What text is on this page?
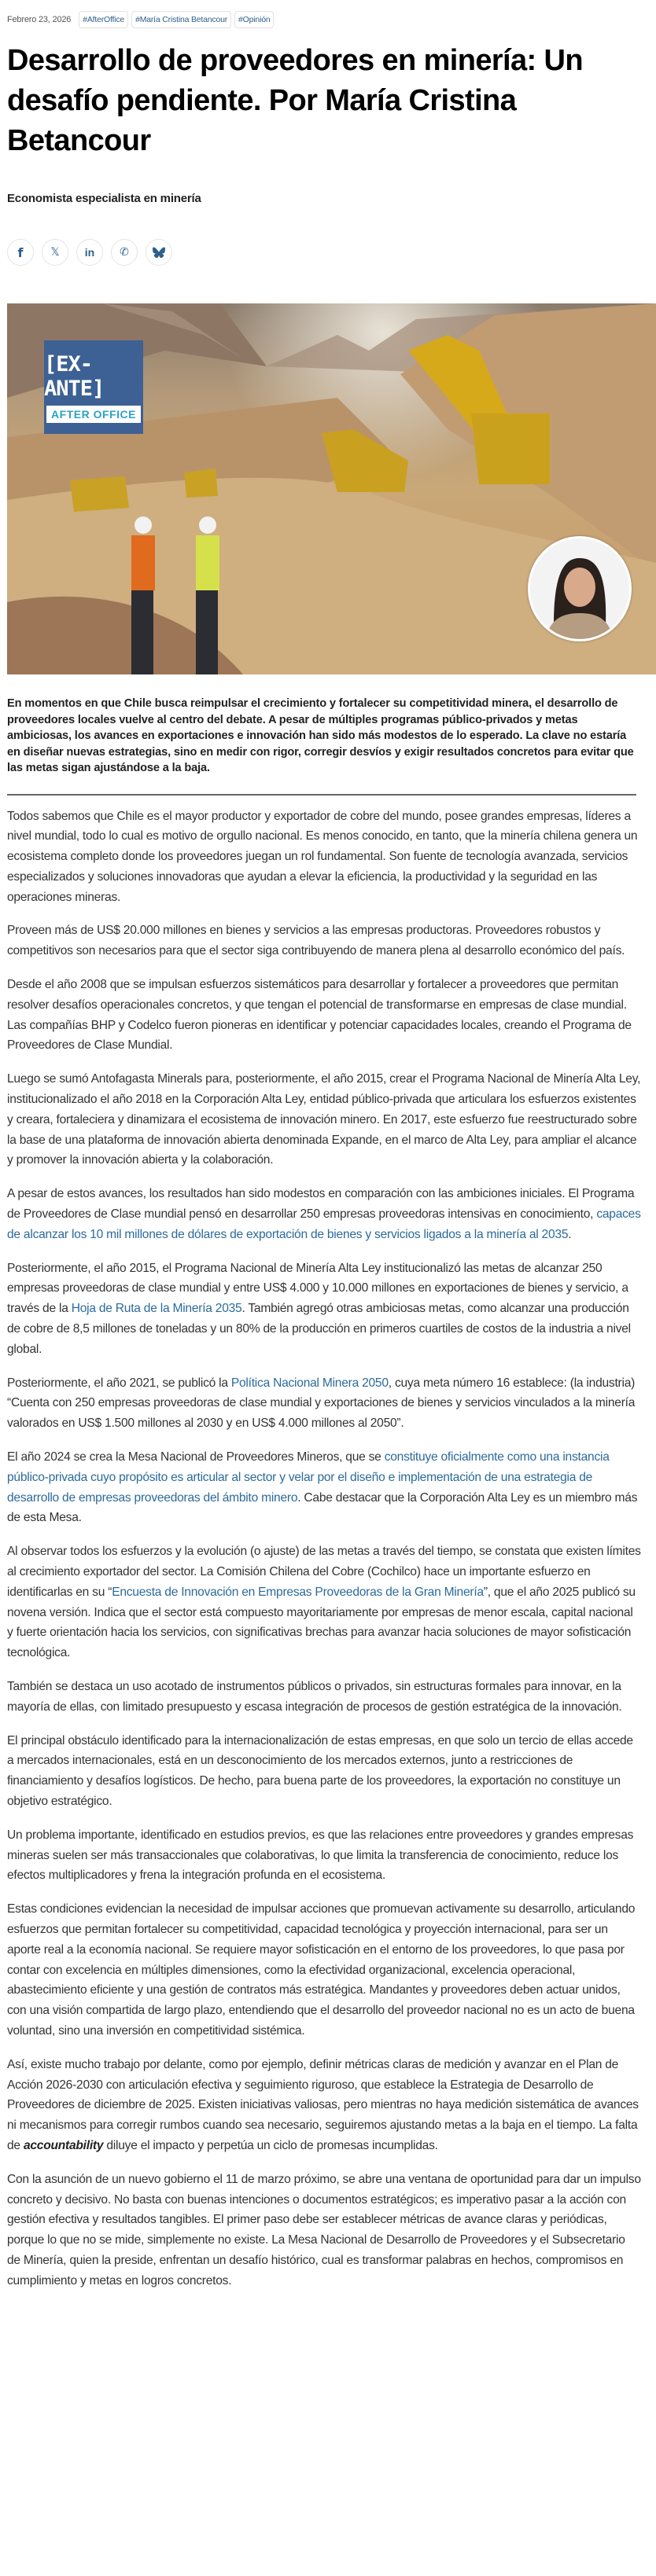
Febrero 23, 2026	#AfterOffice	#María Cristina Betancour	#Opinión
Desarrollo de proveedores en minería: Un desafío pendiente. Por María Cristina Betancour
Economista especialista en minería
f 𝕏 in ✆
[EX-ANTE]
AFTER OFFICE
En momentos en que Chile busca reimpulsar el crecimiento y fortalecer su competitividad minera, el desarrollo de proveedores locales vuelve al centro del debate. A pesar de múltiples programas público-privados y metas ambiciosas, los avances en exportaciones e innovación han sido más modestos de lo esperado. La clave no estaría en diseñar nuevas estrategias, sino en medir con rigor, corregir desvíos y exigir resultados concretos para evitar que las metas sigan ajustándose a la baja.

Todos sabemos que Chile es el mayor productor y exportador de cobre del mundo, posee grandes empresas, líderes a nivel mundial, todo lo cual es motivo de orgullo nacional. Es menos conocido, en tanto, que la minería chilena genera un ecosistema completo donde los proveedores juegan un rol fundamental. Son fuente de tecnología avanzada, servicios especializados y soluciones innovadoras que ayudan a elevar la eficiencia, la productividad y la seguridad en las operaciones mineras.

Proveen más de US$ 20.000 millones en bienes y servicios a las empresas productoras. Proveedores robustos y competitivos son necesarios para que el sector siga contribuyendo de manera plena al desarrollo económico del país.

Desde el año 2008 que se impulsan esfuerzos sistemáticos para desarrollar y fortalecer a proveedores que permitan resolver desafíos operacionales concretos, y que tengan el potencial de transformarse en empresas de clase mundial. Las compañías BHP y Codelco fueron pioneras en identificar y potenciar capacidades locales, creando el Programa de Proveedores de Clase Mundial.

Luego se sumó Antofagasta Minerals para, posteriormente, el año 2015, crear el Programa Nacional de Minería Alta Ley, institucionalizado el año 2018 en la Corporación Alta Ley, entidad público-privada que articulara los esfuerzos existentes y creara, fortaleciera y dinamizara el ecosistema de innovación minero. En 2017, este esfuerzo fue reestructurado sobre la base de una plataforma de innovación abierta denominada Expande, en el marco de Alta Ley, para ampliar el alcance y promover la innovación abierta y la colaboración.

A pesar de estos avances, los resultados han sido modestos en comparación con las ambiciones iniciales. El Programa de Proveedores de Clase mundial pensó en desarrollar 250 empresas proveedoras intensivas en conocimiento, capaces de alcanzar los 10 mil millones de dólares de exportación de bienes y servicios ligados a la minería al 2035.

Posteriormente, el año 2015, el Programa Nacional de Minería Alta Ley institucionalizó las metas de alcanzar 250 empresas proveedoras de clase mundial y entre US$ 4.000 y 10.000 millones en exportaciones de bienes y servicio, a través de la Hoja de Ruta de la Minería 2035. También agregó otras ambiciosas metas, como alcanzar una producción de cobre de 8,5 millones de toneladas y un 80% de la producción en primeros cuartiles de costos de la industria a nivel global.

Posteriormente, el año 2021, se publicó la Política Nacional Minera 2050, cuya meta número 16 establece: (la industria) “Cuenta con 250 empresas proveedoras de clase mundial y exportaciones de bienes y servicios vinculados a la minería valorados en US$ 1.500 millones al 2030 y en US$ 4.000 millones al 2050”.

El año 2024 se crea la Mesa Nacional de Proveedores Mineros, que se constituye oficialmente como una instancia público-privada cuyo propósito es articular al sector y velar por el diseño e implementación de una estrategia de desarrollo de empresas proveedoras del ámbito minero. Cabe destacar que la Corporación Alta Ley es un miembro más de esta Mesa.

Al observar todos los esfuerzos y la evolución (o ajuste) de las metas a través del tiempo, se constata que existen límites al crecimiento exportador del sector. La Comisión Chilena del Cobre (Cochilco) hace un importante esfuerzo en identificarlas en su “Encuesta de Innovación en Empresas Proveedoras de la Gran Minería”, que el año 2025 publicó su novena versión. Indica que el sector está compuesto mayoritariamente por empresas de menor escala, capital nacional y fuerte orientación hacia los servicios, con significativas brechas para avanzar hacia soluciones de mayor sofisticación tecnológica.

También se destaca un uso acotado de instrumentos públicos o privados, sin estructuras formales para innovar, en la mayoría de ellas, con limitado presupuesto y escasa integración de procesos de gestión estratégica de la innovación.

El principal obstáculo identificado para la internacionalización de estas empresas, en que solo un tercio de ellas accede a mercados internacionales, está en un desconocimiento de los mercados externos, junto a restricciones de financiamiento y desafíos logísticos. De hecho, para buena parte de los proveedores, la exportación no constituye un objetivo estratégico.

Un problema importante, identificado en estudios previos, es que las relaciones entre proveedores y grandes empresas mineras suelen ser más transaccionales que colaborativas, lo que limita la transferencia de conocimiento, reduce los efectos multiplicadores y frena la integración profunda en el ecosistema.

Estas condiciones evidencian la necesidad de impulsar acciones que promuevan activamente su desarrollo, articulando esfuerzos que permitan fortalecer su competitividad, capacidad tecnológica y proyección internacional, para ser un aporte real a la economía nacional. Se requiere mayor sofisticación en el entorno de los proveedores, lo que pasa por contar con excelencia en múltiples dimensiones, como la efectividad organizacional, excelencia operacional, abastecimiento eficiente y una gestión de contratos más estratégica. Mandantes y proveedores deben actuar unidos, con una visión compartida de largo plazo, entendiendo que el desarrollo del proveedor nacional no es un acto de buena voluntad, sino una inversión en competitividad sistémica.

Así, existe mucho trabajo por delante, como por ejemplo, definir métricas claras de medición y avanzar en el Plan de Acción 2026-2030 con articulación efectiva y seguimiento riguroso, que establece la Estrategia de Desarrollo de Proveedores de diciembre de 2025. Existen iniciativas valiosas, pero mientras no haya medición sistemática de avances ni mecanismos para corregir rumbos cuando sea necesario, seguiremos ajustando metas a la baja en el tiempo. La falta de accountability diluye el impacto y perpetúa un ciclo de promesas incumplidas.

Con la asunción de un nuevo gobierno el 11 de marzo próximo, se abre una ventana de oportunidad para dar un impulso concreto y decisivo. No basta con buenas intenciones o documentos estratégicos; es imperativo pasar a la acción con gestión efectiva y resultados tangibles. El primer paso debe ser establecer métricas de avance claras y periódicas, porque lo que no se mide, simplemente no existe. La Mesa Nacional de Desarrollo de Proveedores y el Subsecretario de Minería, quien la preside, enfrentan un desafío histórico, cual es transformar palabras en hechos, compromisos en cumplimiento y metas en logros concretos.
